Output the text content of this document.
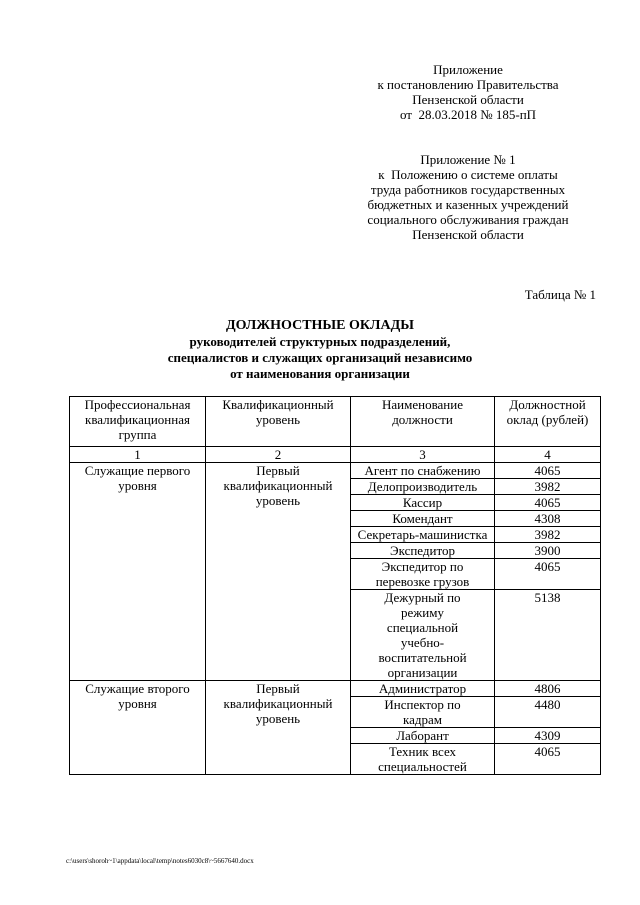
Приложение
к постановлению Правительства
Пензенской области
от  28.03.2018 № 185-пП
Приложение № 1
к  Положению о системе оплаты
труда работников государственных
бюджетных и казенных учреждений
социального обслуживания граждан
Пензенской области
Таблица № 1
ДОЛЖНОСТНЫЕ ОКЛАДЫ
руководителей структурных подразделений,
специалистов и служащих организаций независимо
от наименования организации
Профессиональная квалификационная группа	Квалификационный уровень	Наименование должности	Должностной оклад (рублей)
1	2	3	4
Служащие первого уровня	Первый квалификационный уровень	Агент по снабжению	4065
		Делопроизводитель	3982
		Кассир	4065
		Комендант	4308
		Секретарь-машинистка	3982
		Экспедитор	3900
		Экспедитор по перевозке грузов	4065
		Дежурный по режиму специальной учебно-воспитательной организации	5138
Служащие второго уровня	Первый квалификационный уровень	Администратор	4806
		Инспектор по кадрам	4480
		Лаборант	4309
		Техник всех специальностей	4065
c:\users\shoroh~1\appdata\local\temp\notes6030c8\~5667640.docx
